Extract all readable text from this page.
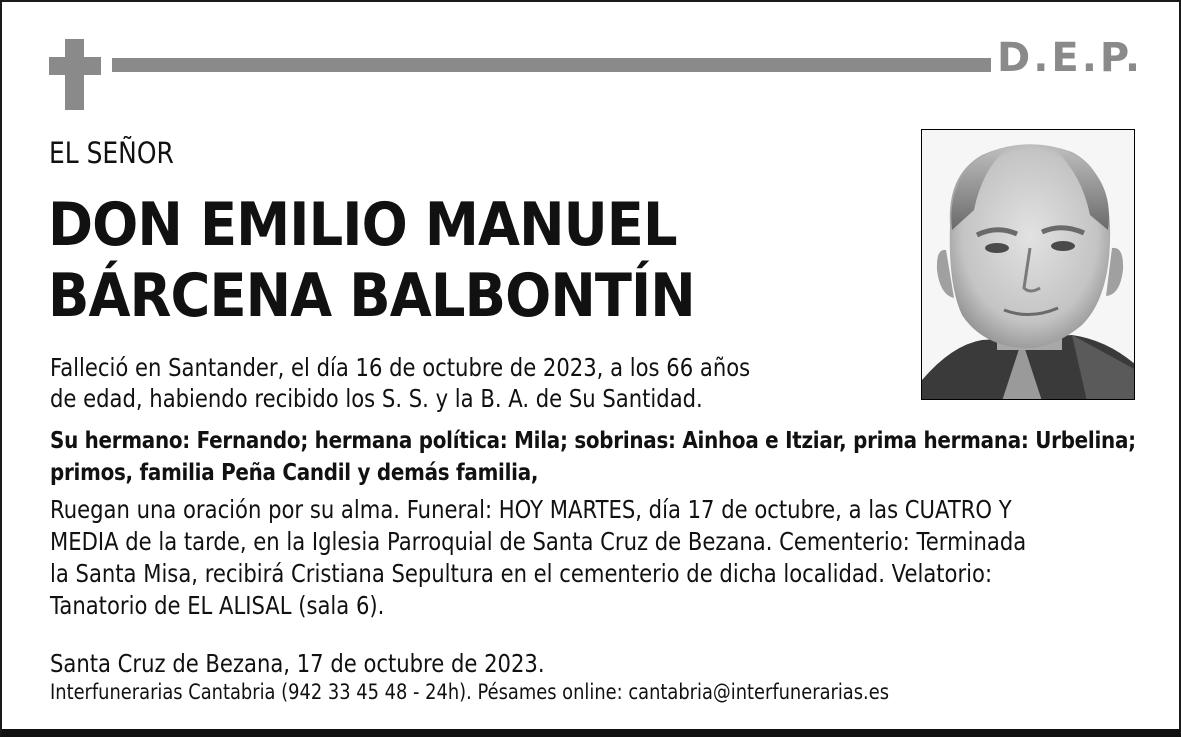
D.E.P.
EL SEÑOR
DON EMILIO MANUEL
BÁRCENA BALBONTÍN
Falleció en Santander, el día 16 de octubre de 2023, a los 66 años
de edad, habiendo recibido los S. S. y la B. A. de Su Santidad.
Su hermano: Fernando; hermana política: Mila; sobrinas: Ainhoa e Itziar, prima hermana: Urbelina;
primos, familia Peña Candil y demás familia,
Ruegan una oración por su alma. Funeral: HOY MARTES, día 17 de octubre, a las CUATRO Y
MEDIA de la tarde, en la Iglesia Parroquial de Santa Cruz de Bezana. Cementerio: Terminada
la Santa Misa, recibirá Cristiana Sepultura en el cementerio de dicha localidad. Velatorio:
Tanatorio de EL ALISAL (sala 6).
Santa Cruz de Bezana, 17 de octubre de 2023.
Interfunerarias Cantabria (942 33 45 48 - 24h). Pésames online: cantabria@interfunerarias.es
